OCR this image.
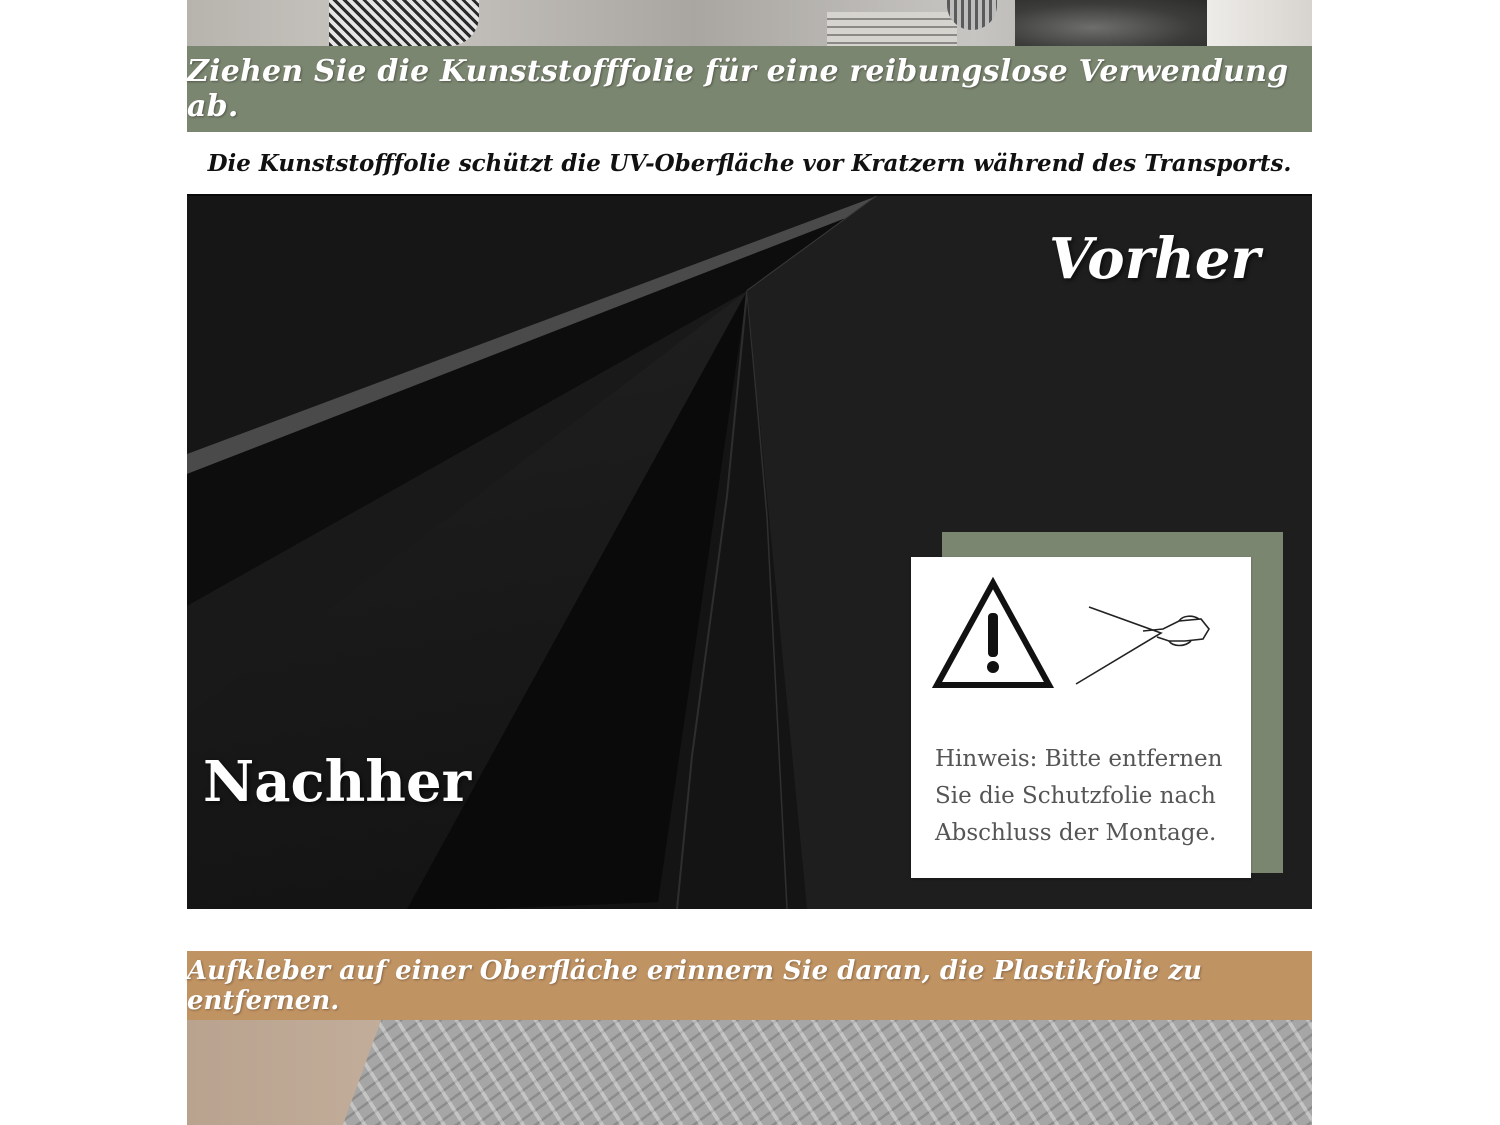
Ziehen Sie die Kunststofffolie für eine reibungslose Verwendung ab.
Die Kunststofffolie schützt die UV-Oberfläche vor Kratzern während des Transports.
Vorher
Nachher	Hinweis: Bitte entfernen
Sie die Schutzfolie nach
Abschluss der Montage.
Aufkleber auf einer Oberfläche erinnern Sie daran, die Plastikfolie zu entfernen.
